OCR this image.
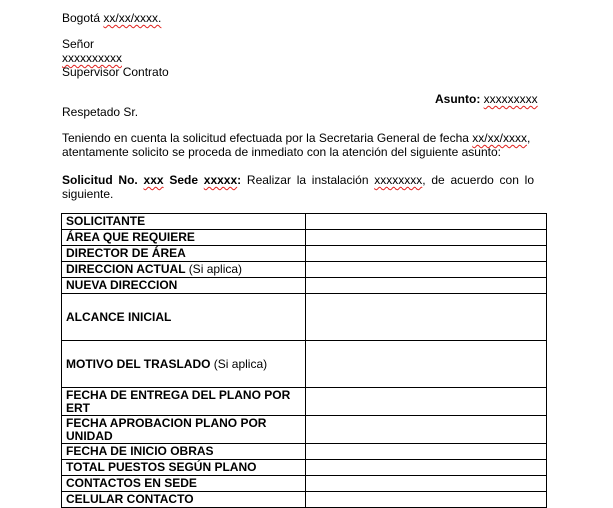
Bogotá xx/xx/xxxx.
Señor
xxxxxxxxxx
Supervisor Contrato
Asunto: xxxxxxxxx
Respetado Sr.
Teniendo en cuenta la solicitud efectuada por la Secretaria General de fecha xx/xx/xxxx, atentamente solicito se proceda de inmediato con la atención del siguiente asunto:
Solicitud No. xxx Sede xxxxx: Realizar la instalación xxxxxxxx, de acuerdo con lo siguiente.
SOLICITANTE	
ÁREA QUE REQUIERE	
DIRECTOR DE ÁREA	
DIRECCION ACTUAL (Si aplica)	
NUEVA DIRECCION	
ALCANCE INICIAL	
MOTIVO DEL TRASLADO (Si aplica)	
FECHA DE ENTREGA DEL PLANO POR ERT	
FECHA APROBACION PLANO POR UNIDAD	
FECHA DE INICIO OBRAS	
TOTAL PUESTOS SEGÚN PLANO	
CONTACTOS EN SEDE	
CELULAR CONTACTO	
